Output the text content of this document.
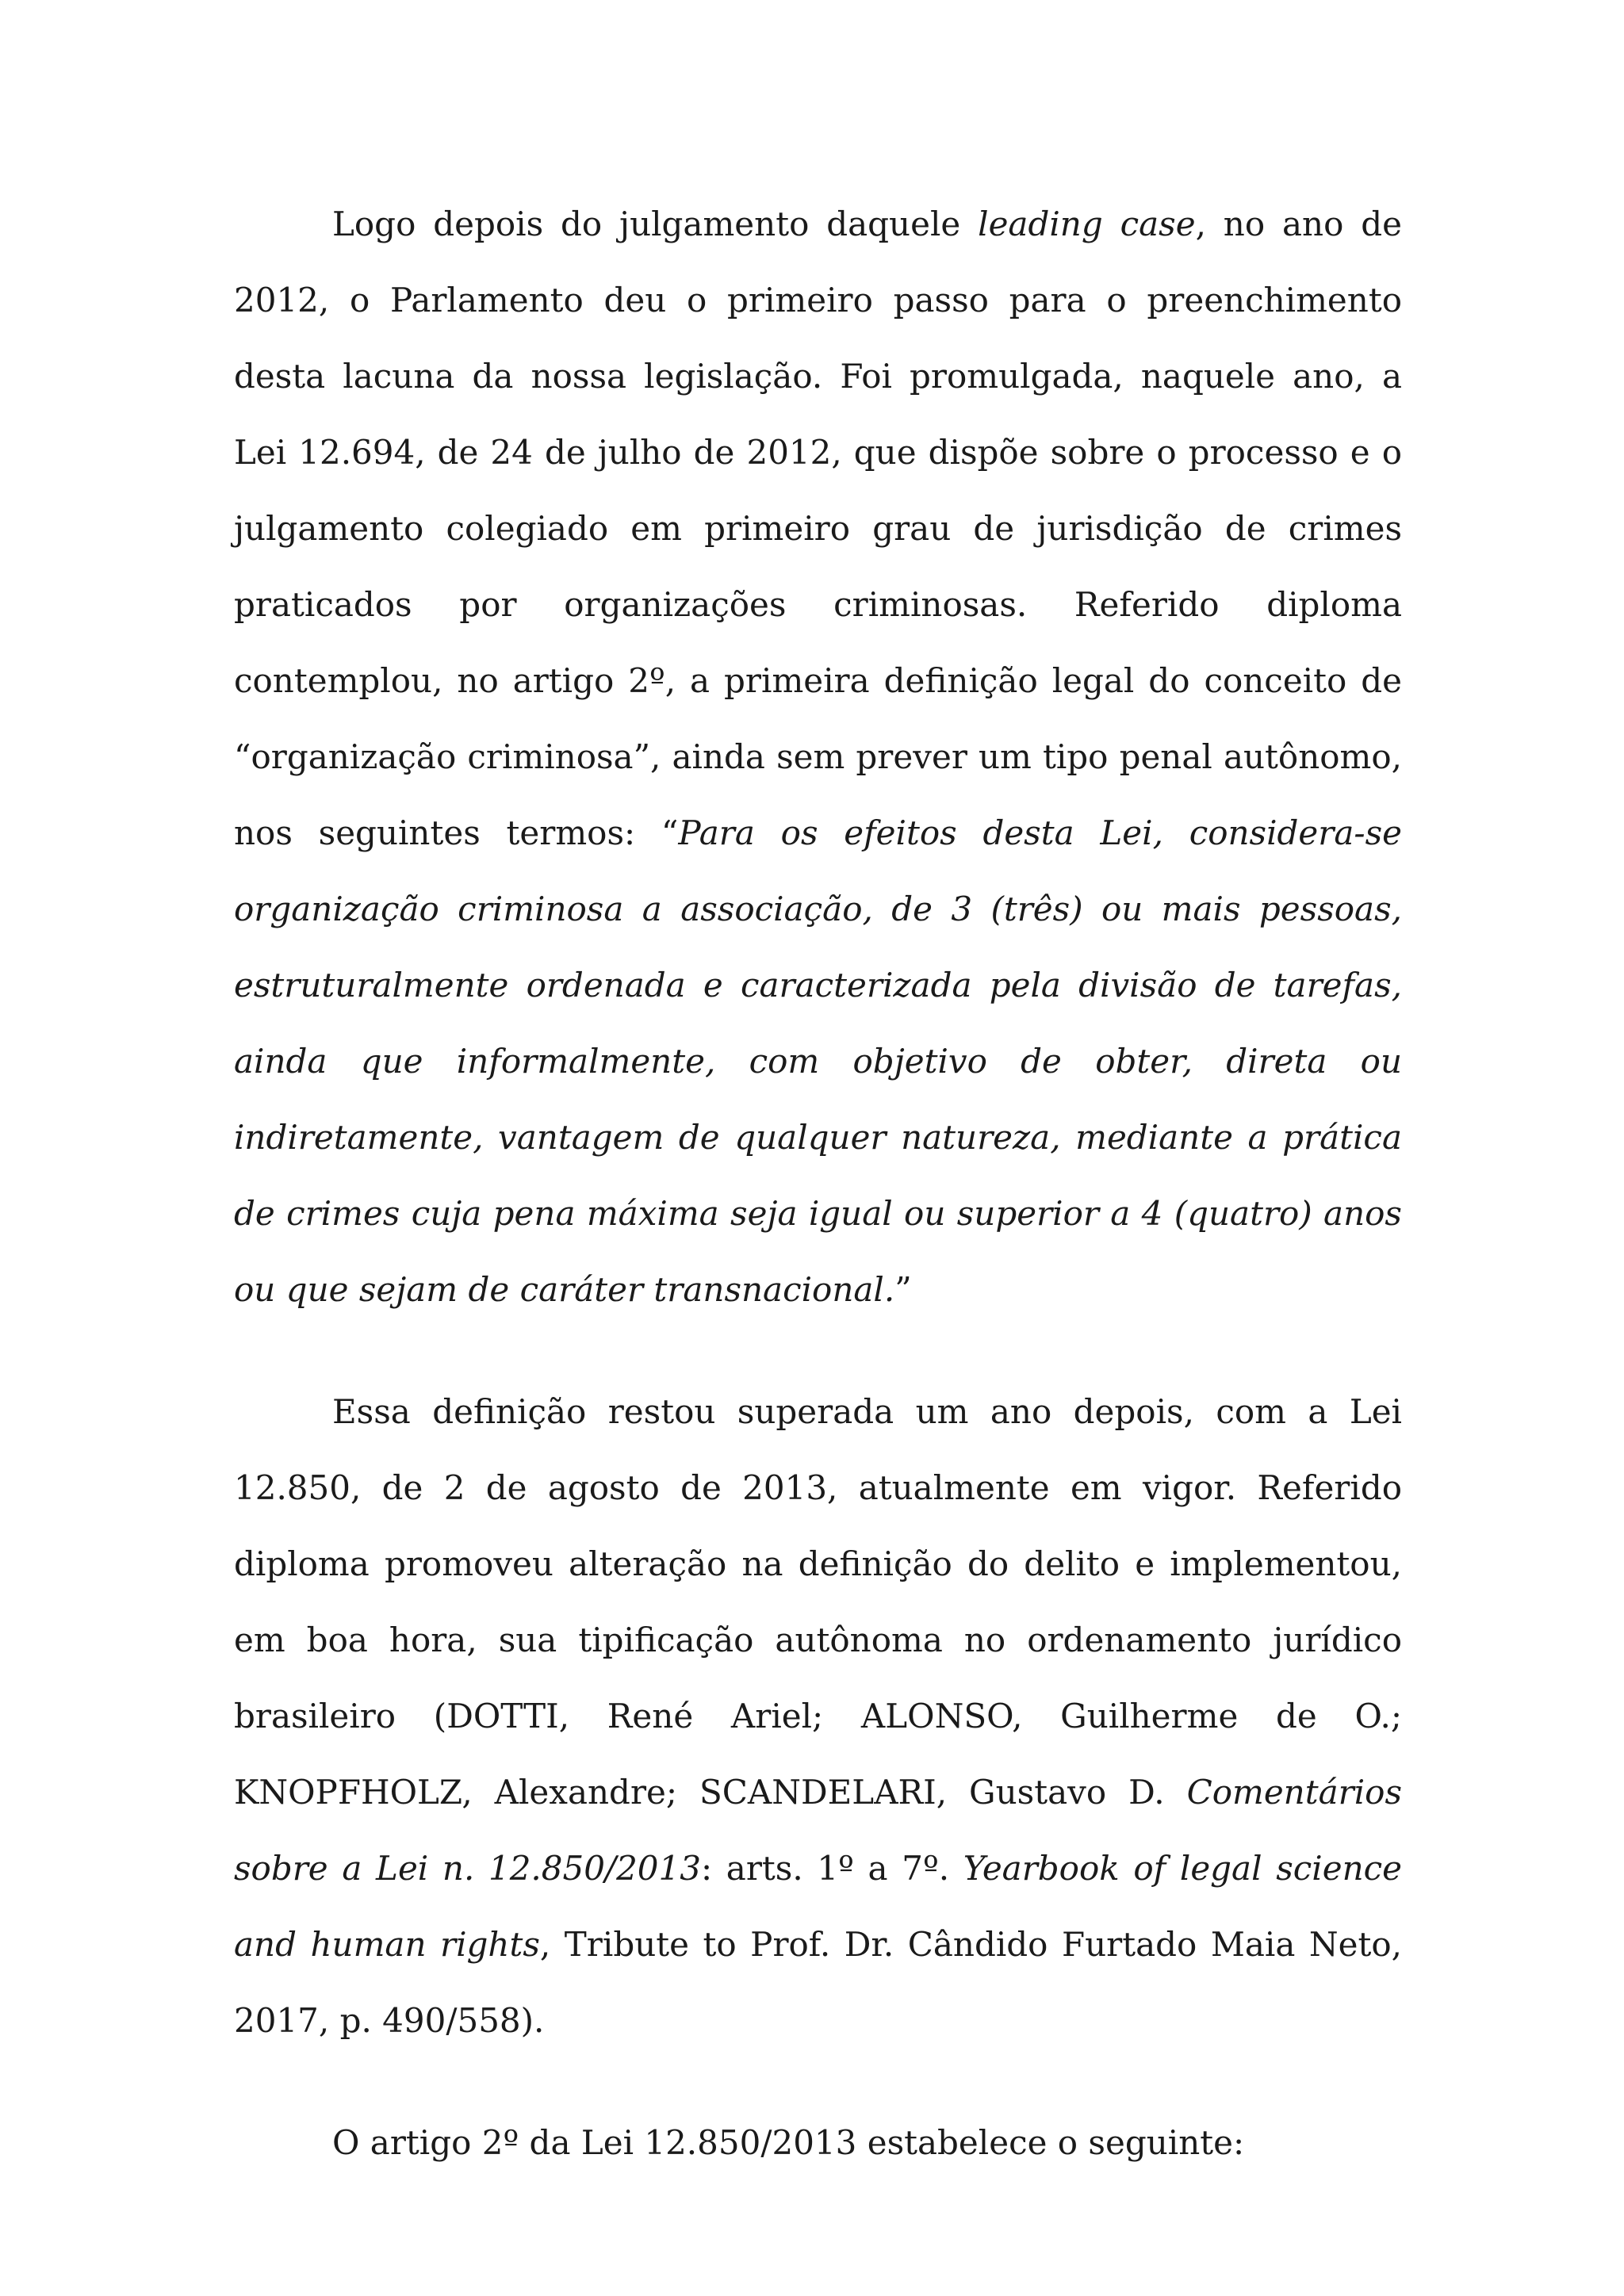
Logo depois do julgamento daquele leading case, no ano de 2012, o Parlamento deu o primeiro passo para o preenchimento desta lacuna da nossa legislação. Foi promulgada, naquele ano, a Lei 12.694, de 24 de julho de 2012, que dispõe sobre o processo e o julgamento colegiado em primeiro grau de jurisdição de crimes praticados por organizações criminosas. Referido diploma contemplou, no artigo 2º, a primeira definição legal do conceito de “organização criminosa”, ainda sem prever um tipo penal autônomo, nos seguintes termos: “Para os efeitos desta Lei, considera-se organização criminosa a associação, de 3 (três) ou mais pessoas, estruturalmente ordenada e caracterizada pela divisão de tarefas, ainda que informalmente, com objetivo de obter, direta ou indiretamente, vantagem de qualquer natureza, mediante a prática de crimes cuja pena máxima seja igual ou superior a 4 (quatro) anos ou que sejam de caráter transnacional.”

Essa definição restou superada um ano depois, com a Lei 12.850, de 2 de agosto de 2013, atualmente em vigor. Referido diploma promoveu alteração na definição do delito e implementou, em boa hora, sua tipificação autônoma no ordenamento jurídico brasileiro (DOTTI, René Ariel; ALONSO, Guilherme de O.; KNOPFHOLZ, Alexandre; SCANDELARI, Gustavo D. Comentários sobre a Lei n. 12.850/2013: arts. 1º a 7º. Yearbook of legal science and human rights, Tribute to Prof. Dr. Cândido Furtado Maia Neto, 2017, p. 490/558).

O artigo 2º da Lei 12.850/2013 estabelece o seguinte:
